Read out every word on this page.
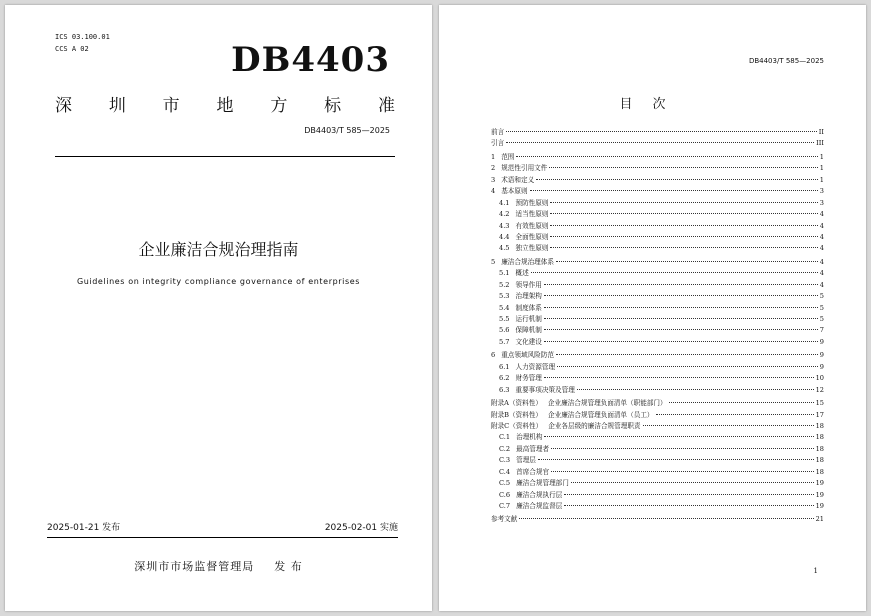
ICS 03.100.01
CCS A 02	DB4403
深 圳 市 地 方 标 准
DB4403/T 585—2025
企业廉洁合规治理指南
Guidelines on integrity compliance governance of enterprises
2025-01-21 发布	2025-02-01 实施
深圳市市场监督管理局 发 布
DB4403/T 585—2025
目次
前言	II
引言	III
1 范围	1
2 规范性引用文件	1
3 术语和定义	1
4 基本原则	3
4.1 预防性原则	3
4.2 适当性原则	4
4.3 有效性原则	4
4.4 全面性原则	4
4.5 独立性原则	4
5 廉洁合规治理体系	4
5.1 概述	4
5.2 领导作用	4
5.3 治理架构	5
5.4 制度体系	5
5.5 运行机制	5
5.6 保障机制	7
5.7 文化建设	9
6 重点领域风险防范	9
6.1 人力资源管理	9
6.2 财务管理	10
6.3 重要事项决策及管理	12
附录A（资料性） 企业廉洁合规管理负面清单（职能部门）	15
附录B（资料性） 企业廉洁合规管理负面清单（员工）	17
附录C（资料性） 企业各层级的廉洁合规管理职责	18
C.1 治理机构	18
C.2 最高管理者	18
C.3 管理层	18
C.4 首席合规官	18
C.5 廉洁合规管理部门	19
C.6 廉洁合规执行层	19
C.7 廉洁合规监督层	19
参考文献	21
1
